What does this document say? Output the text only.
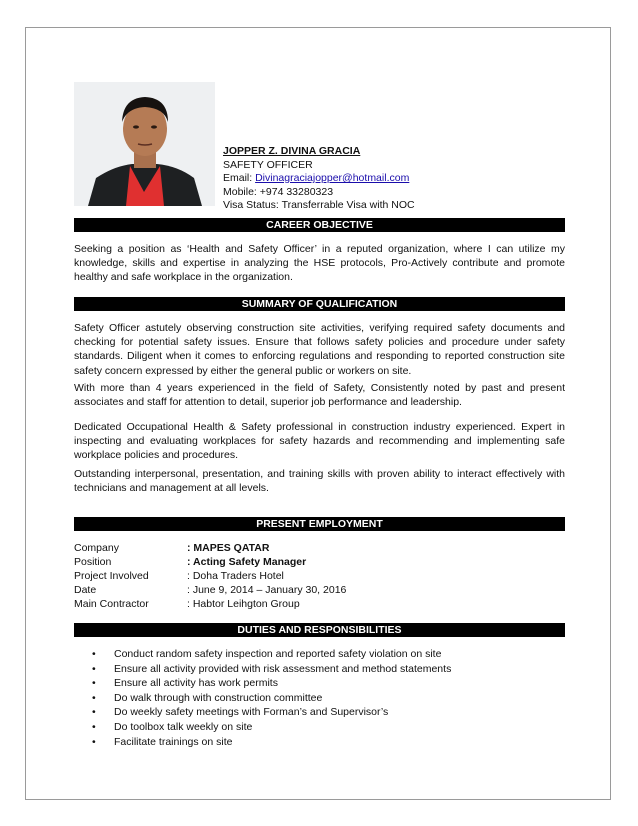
JOPPER Z. DIVINA GRACIA
SAFETY OFFICER
Email: Divinagraciajopper@hotmail.com
Mobile: +974 33280323
Visa Status: Transferrable Visa with NOC
CAREER OBJECTIVE

Seeking a position as ‘Health and Safety Officer’ in a reputed organization, where I can utilize my knowledge, skills and expertise in analyzing the HSE protocols, Pro-Actively contribute and promote healthy and safe workplace in the organization.

SUMMARY OF QUALIFICATION

Safety Officer astutely observing construction site activities, verifying required safety documents and checking for potential safety issues. Ensure that follows safety policies and procedure under safety standards. Diligent when it comes to enforcing regulations and responding to reported construction site safety concern expressed by either the general public or workers on site.

With more than 4 years experienced in the field of Safety, Consistently noted by past and present associates and staff for attention to detail, superior job performance and leadership.

Dedicated Occupational Health & Safety professional in construction industry experienced. Expert in inspecting and evaluating workplaces for safety hazards and recommending and implementing safe workplace policies and procedures.

Outstanding interpersonal, presentation, and training skills with proven ability to interact effectively with technicians and management at all levels.

PRESENT EMPLOYMENT
Company	: MAPES QATAR
Position	: Acting Safety Manager
Project Involved	: Doha Traders Hotel
Date	: June 9, 2014 – January 30, 2016
Main Contractor	: Habtor Leihgton Group
DUTIES AND RESPONSIBILITIES
• Conduct random safety inspection and reported safety violation on site
• Ensure all activity provided with risk assessment and method statements
• Ensure all activity has work permits
• Do walk through with construction committee
• Do weekly safety meetings with Forman’s and Supervisor’s
• Do toolbox talk weekly on site
• Facilitate trainings on site
